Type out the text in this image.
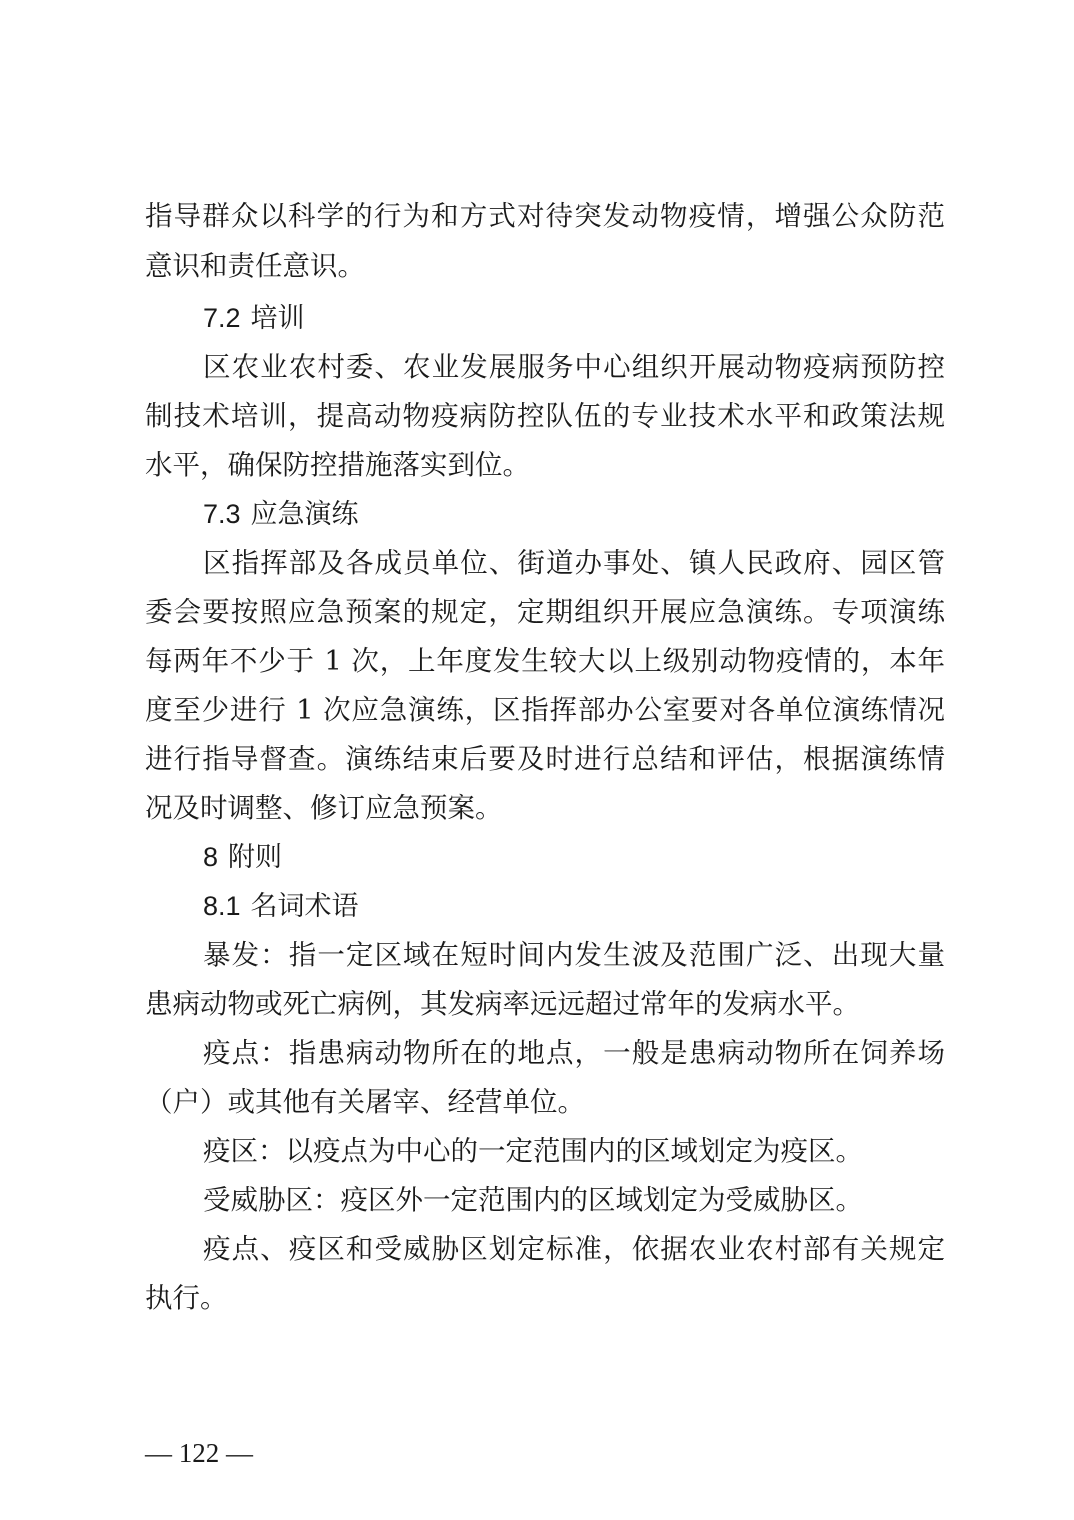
指导群众以科学的行为和方式对待突发动物疫情，增强公众防范
意识和责任意识。
7.2 培训
区农业农村委、农业发展服务中心组织开展动物疫病预防控
制技术培训，提高动物疫病防控队伍的专业技术水平和政策法规
水平，确保防控措施落实到位。
7.3 应急演练
区指挥部及各成员单位、街道办事处、镇人民政府、园区管
委会要按照应急预案的规定，定期组织开展应急演练。专项演练
每两年不少于 1 次，上年度发生较大以上级别动物疫情的，本年
度至少进行 1 次应急演练，区指挥部办公室要对各单位演练情况
进行指导督查。演练结束后要及时进行总结和评估，根据演练情
况及时调整、修订应急预案。
8 附则
8.1 名词术语
暴发：指一定区域在短时间内发生波及范围广泛、出现大量
患病动物或死亡病例，其发病率远远超过常年的发病水平。
疫点：指患病动物所在的地点，一般是患病动物所在饲养场
（户）或其他有关屠宰、经营单位。
疫区：以疫点为中心的一定范围内的区域划定为疫区。
受威胁区：疫区外一定范围内的区域划定为受威胁区。
疫点、疫区和受威胁区划定标准，依据农业农村部有关规定
执行。
— 122 —
